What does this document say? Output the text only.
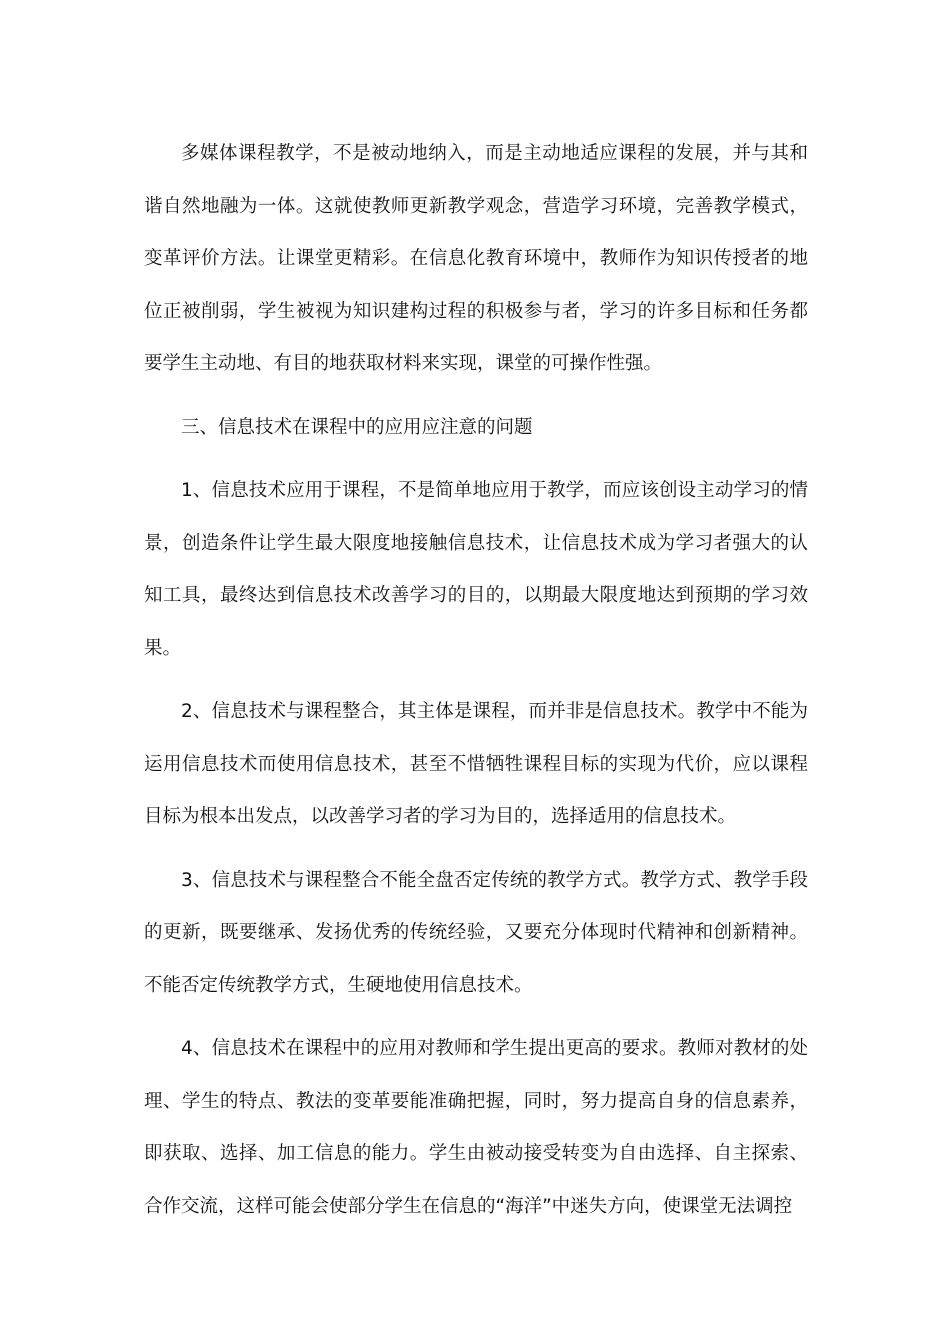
多媒体课程教学，不是被动地纳入，而是主动地适应课程的发展，并与其和谐自然地融为一体。这就使教师更新教学观念，营造学习环境，完善教学模式，变革评价方法。让课堂更精彩。在信息化教育环境中，教师作为知识传授者的地位正被削弱，学生被视为知识建构过程的积极参与者，学习的许多目标和任务都要学生主动地、有目的地获取材料来实现，课堂的可操作性强。

三、信息技术在课程中的应用应注意的问题

1、信息技术应用于课程，不是简单地应用于教学，而应该创设主动学习的情景，创造条件让学生最大限度地接触信息技术，让信息技术成为学习者强大的认知工具，最终达到信息技术改善学习的目的，以期最大限度地达到预期的学习效果。

2、信息技术与课程整合，其主体是课程，而并非是信息技术。教学中不能为运用信息技术而使用信息技术，甚至不惜牺牲课程目标的实现为代价，应以课程目标为根本出发点，以改善学习者的学习为目的，选择适用的信息技术。

3、信息技术与课程整合不能全盘否定传统的教学方式。教学方式、教学手段的更新，既要继承、发扬优秀的传统经验，又要充分体现时代精神和创新精神。不能否定传统教学方式，生硬地使用信息技术。

4、信息技术在课程中的应用对教师和学生提出更高的要求。教师对教材的处理、学生的特点、教法的变革要能准确把握，同时，努力提高自身的信息素养，即获取、选择、加工信息的能力。学生由被动接受转变为自由选择、自主探索、合作交流，这样可能会使部分学生在信息的“海洋”中迷失方向，使课堂无法调控
